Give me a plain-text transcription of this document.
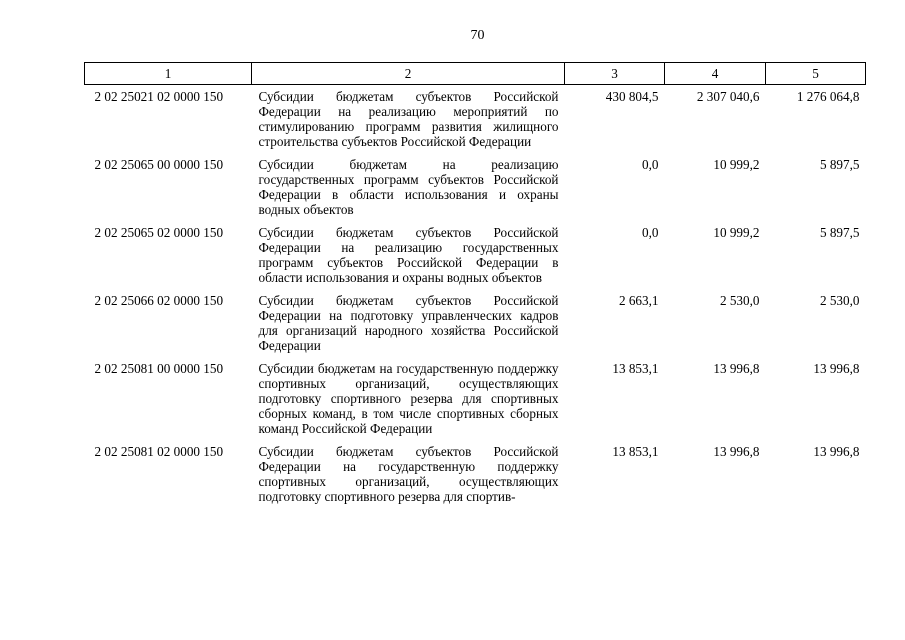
70
1	2	3	4	5
2 02 25021 02 0000 150	Субсидии бюджетам субъектов Российской Федерации на реализацию мероприятий по стимулированию программ развития жилищного строительства субъектов Российской Федерации	430 804,5	2 307 040,6	1 276 064,8
2 02 25065 00 0000 150	Субсидии бюджетам на реализацию государственных программ субъектов Российской Федерации в области использования и охраны водных объектов	0,0	10 999,2	5 897,5
2 02 25065 02 0000 150	Субсидии бюджетам субъектов Российской Федерации на реализацию государственных программ субъектов Российской Федерации в области использования и охраны водных объектов	0,0	10 999,2	5 897,5
2 02 25066 02 0000 150	Субсидии бюджетам субъектов Российской Федерации на подготовку управленческих кадров для организаций народного хозяйства Российской Федерации	2 663,1	2 530,0	2 530,0
2 02 25081 00 0000 150	Субсидии бюджетам на государственную поддержку спортивных организаций, осуществляющих подготовку спортивного резерва для спортивных сборных команд, в том числе спортивных сборных команд Российской Федерации	13 853,1	13 996,8	13 996,8
2 02 25081 02 0000 150	Субсидии бюджетам субъектов Российской Федерации на государственную поддержку спортивных организаций, осуществляющих подготовку спортивного резерва для спортив-	13 853,1	13 996,8	13 996,8
